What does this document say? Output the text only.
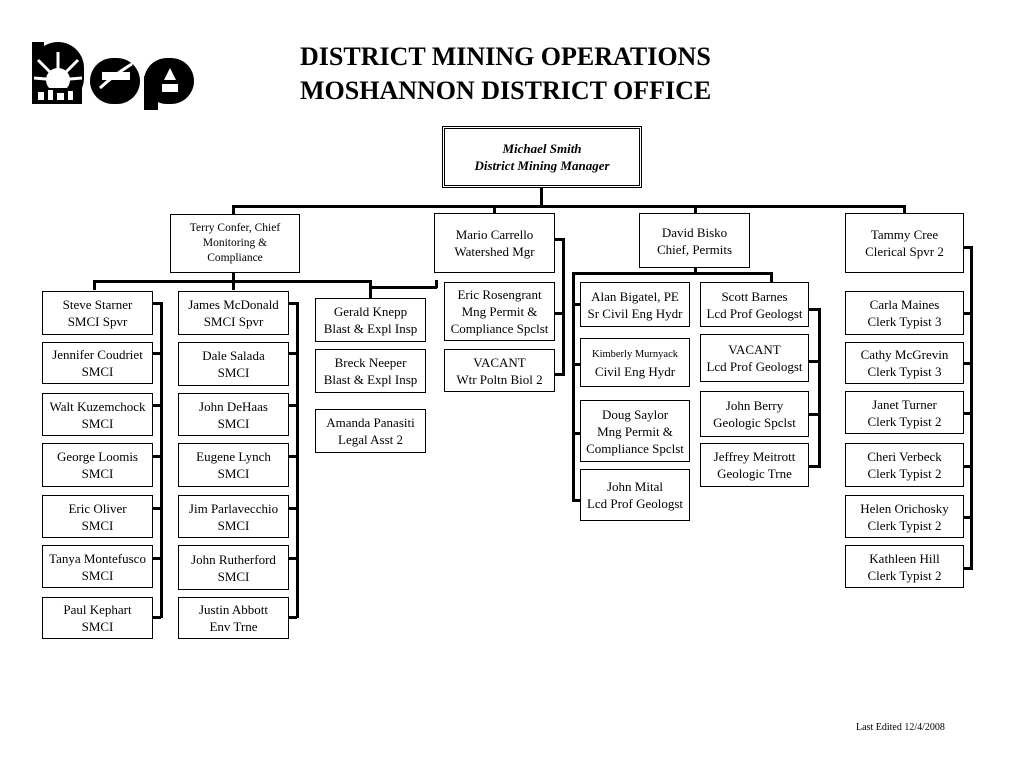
DISTRICT MINING OPERATIONS
MOSHANNON DISTRICT OFFICE
Michael Smith
District Mining Manager
Terry Confer, Chief
Monitoring &
Compliance
Mario Carrello
Watershed Mgr
David Bisko
Chief, Permits
Tammy Cree
Clerical Spvr 2
Steve Starner
SMCI Spvr
Jennifer Coudriet
SMCI
Walt Kuzemchock
SMCI
George Loomis
SMCI
Eric Oliver
SMCI
Tanya Montefusco
SMCI
Paul Kephart
SMCI
James McDonald
SMCI Spvr
Dale Salada
SMCI
John DeHaas
SMCI
Eugene Lynch
SMCI
Jim Parlavecchio
SMCI
John Rutherford
SMCI
Justin Abbott
Env Trne
Gerald Knepp
Blast & Expl Insp
Breck Neeper
Blast & Expl Insp
Amanda Panasiti
Legal Asst 2
Eric Rosengrant
Mng Permit &
Compliance Spclst
VACANT
Wtr Poltn Biol 2
Alan Bigatel, PE
Sr Civil Eng Hydr
Kimberly Murnyack
Civil Eng Hydr
Doug Saylor
Mng Permit &
Compliance Spclst
John Mital
Lcd Prof Geologst
Scott Barnes
Lcd Prof Geologst
VACANT
Lcd Prof Geologst
John Berry
Geologic Spclst
Jeffrey Meitrott
Geologic Trne
Carla Maines
Clerk Typist 3
Cathy McGrevin
Clerk Typist 3
Janet Turner
Clerk Typist 2
Cheri Verbeck
Clerk Typist 2
Helen Orichosky
Clerk Typist 2
Kathleen Hill
Clerk Typist 2
Last Edited 12/4/2008
